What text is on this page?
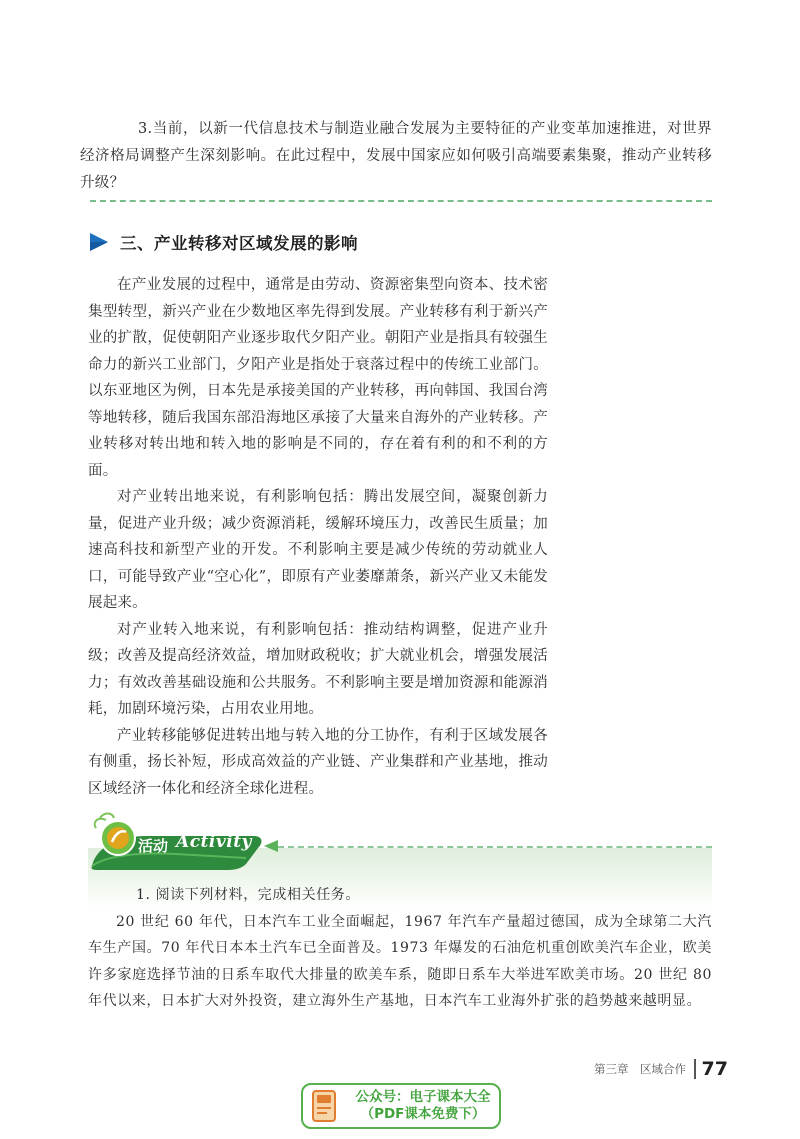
3.当前，以新一代信息技术与制造业融合发展为主要特征的产业变革加速推进，对世界经济格局调整产生深刻影响。在此过程中，发展中国家应如何吸引高端要素集聚，推动产业转移升级？
三、产业转移对区域发展的影响

在产业发展的过程中，通常是由劳动、资源密集型向资本、技术密集型转型，新兴产业在少数地区率先得到发展。产业转移有利于新兴产业的扩散，促使朝阳产业逐步取代夕阳产业。朝阳产业是指具有较强生命力的新兴工业部门，夕阳产业是指处于衰落过程中的传统工业部门。以东亚地区为例，日本先是承接美国的产业转移，再向韩国、我国台湾等地转移，随后我国东部沿海地区承接了大量来自海外的产业转移。产业转移对转出地和转入地的影响是不同的，存在着有利的和不利的方面。

对产业转出地来说，有利影响包括：腾出发展空间，凝聚创新力量，促进产业升级；减少资源消耗，缓解环境压力，改善民生质量；加速高科技和新型产业的开发。不利影响主要是减少传统的劳动就业人口，可能导致产业“空心化”，即原有产业萎靡萧条，新兴产业又未能发展起来。

对产业转入地来说，有利影响包括：推动结构调整，促进产业升级；改善及提高经济效益，增加财政税收；扩大就业机会，增强发展活力；有效改善基础设施和公共服务。不利影响主要是增加资源和能源消耗，加剧环境污染，占用农业用地。

产业转移能够促进转出地与转入地的分工协作，有利于区域发展各有侧重，扬长补短，形成高效益的产业链、产业集群和产业基地，推动区域经济一体化和经济全球化进程。

活动 Activity

1. 阅读下列材料，完成相关任务。

20 世纪 60 年代，日本汽车工业全面崛起，1967 年汽车产量超过德国，成为全球第二大汽车生产国。70 年代日本本土汽车已全面普及。1973 年爆发的石油危机重创欧美汽车企业，欧美许多家庭选择节油的日系车取代大排量的欧美车系，随即日系车大举进军欧美市场。20 世纪 80 年代以来，日本扩大对外投资，建立海外生产基地，日本汽车工业海外扩张的趋势越来越明显。

第三章　区域合作 77
公众号：电子课本大全
（PDF课本免费下）
